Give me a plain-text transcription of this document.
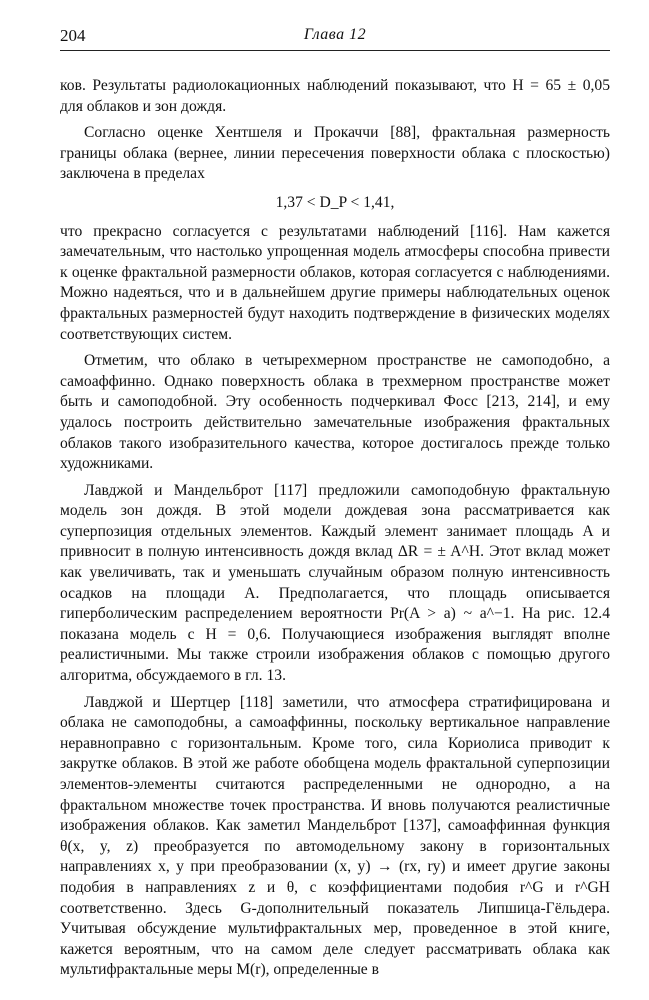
204	Глава 12

ков. Результаты радиолокационных наблюдений показывают, что H = 65 ± 0,05 для облаков и зон дождя.

Согласно оценке Хентшеля и Прокаччи [88], фрактальная размерность границы облака (вернее, линии пересечения поверхности облака с плоскостью) заключена в пределах

1,37 < D_P < 1,41,

что прекрасно согласуется с результатами наблюдений [116]. Нам кажется замечательным, что настолько упрощенная модель атмосферы способна привести к оценке фрактальной размерности облаков, которая согласуется с наблюдениями. Можно надеяться, что и в дальнейшем другие примеры наблюдательных оценок фрактальных размерностей будут находить подтверждение в физических моделях соответствующих систем.

Отметим, что облако в четырехмерном пространстве не самоподобно, а самоаффинно. Однако поверхность облака в трехмерном пространстве может быть и самоподобной. Эту особенность подчеркивал Фосс [213, 214], и ему удалось построить действительно замечательные изображения фрактальных облаков такого изобразительного качества, которое достигалось прежде только художниками.

Лавджой и Мандельброт [117] предложили самоподобную фрактальную модель зон дождя. В этой модели дождевая зона рассматривается как суперпозиция отдельных элементов. Каждый элемент занимает площадь A и привносит в полную интенсивность дождя вклад ΔR = ± A^H. Этот вклад может как увеличивать, так и уменьшать случайным образом полную интенсивность осадков на площади A. Предполагается, что площадь описывается гиперболическим распределением вероятности Pr(A > a) ~ a^−1. На рис. 12.4 показана модель с H = 0,6. Получающиеся изображения выглядят вполне реалистичными. Мы также строили изображения облаков с помощью другого алгоритма, обсуждаемого в гл. 13.

Лавджой и Шертцер [118] заметили, что атмосфера стратифицирована и облака не самоподобны, а самоаффинны, поскольку вертикальное направление неравноправно с горизонтальным. Кроме того, сила Кориолиса приводит к закрутке облаков. В этой же работе обобщена модель фрактальной суперпозиции элементов-элементы считаются распределенными не однородно, а на фрактальном множестве точек пространства. И вновь получаются реалистичные изображения облаков. Как заметил Мандельброт [137], самоаффинная функция θ(x, y, z) преобразуется по автомодельному закону в горизонтальных направлениях x, y при преобразовании (x, y) → (rx, ry) и имеет другие законы подобия в направлениях z и θ, с коэффициентами подобия r^G и r^GH соответственно. Здесь G-дополнительный показатель Липшица-Гёльдера. Учитывая обсуждение мультифрактальных мер, проведенное в этой книге, кажется вероятным, что на самом деле следует рассматривать облака как мультифрактальные меры M(r), определенные в
